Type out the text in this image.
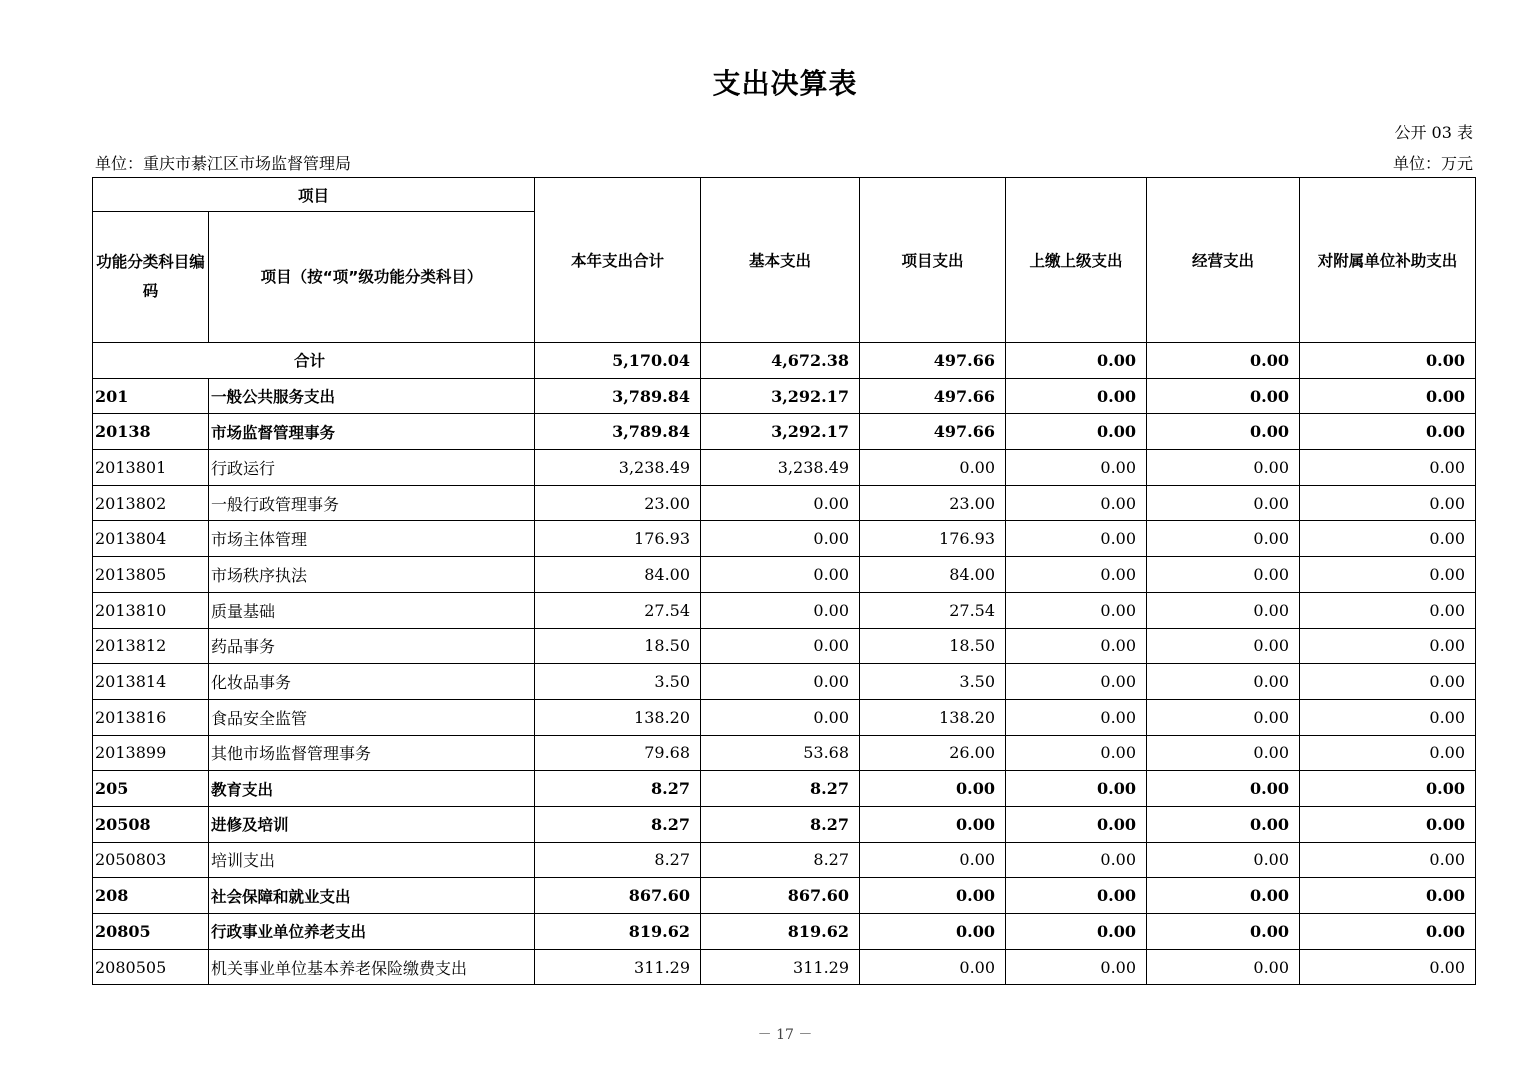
支出决算表
公开 03 表
单位：重庆市綦江区市场监督管理局	单位：万元
项目		本年支出合计	基本支出	项目支出	上缴上级支出	经营支出	对附属单位补助支出
功能分类科目编码	项目（按“项”级功能分类科目）						
合计		5,170.04	4,672.38	497.66	0.00	0.00	0.00
201	一般公共服务支出	3,789.84	3,292.17	497.66	0.00	0.00	0.00
20138	市场监督管理事务	3,789.84	3,292.17	497.66	0.00	0.00	0.00
2013801	行政运行	3,238.49	3,238.49	0.00	0.00	0.00	0.00
2013802	一般行政管理事务	23.00	0.00	23.00	0.00	0.00	0.00
2013804	市场主体管理	176.93	0.00	176.93	0.00	0.00	0.00
2013805	市场秩序执法	84.00	0.00	84.00	0.00	0.00	0.00
2013810	质量基础	27.54	0.00	27.54	0.00	0.00	0.00
2013812	药品事务	18.50	0.00	18.50	0.00	0.00	0.00
2013814	化妆品事务	3.50	0.00	3.50	0.00	0.00	0.00
2013816	食品安全监管	138.20	0.00	138.20	0.00	0.00	0.00
2013899	其他市场监督管理事务	79.68	53.68	26.00	0.00	0.00	0.00
205	教育支出	8.27	8.27	0.00	0.00	0.00	0.00
20508	进修及培训	8.27	8.27	0.00	0.00	0.00	0.00
2050803	培训支出	8.27	8.27	0.00	0.00	0.00	0.00
208	社会保障和就业支出	867.60	867.60	0.00	0.00	0.00	0.00
20805	行政事业单位养老支出	819.62	819.62	0.00	0.00	0.00	0.00
2080505	机关事业单位基本养老保险缴费支出	311.29	311.29	0.00	0.00	0.00	0.00
－ 17 －
